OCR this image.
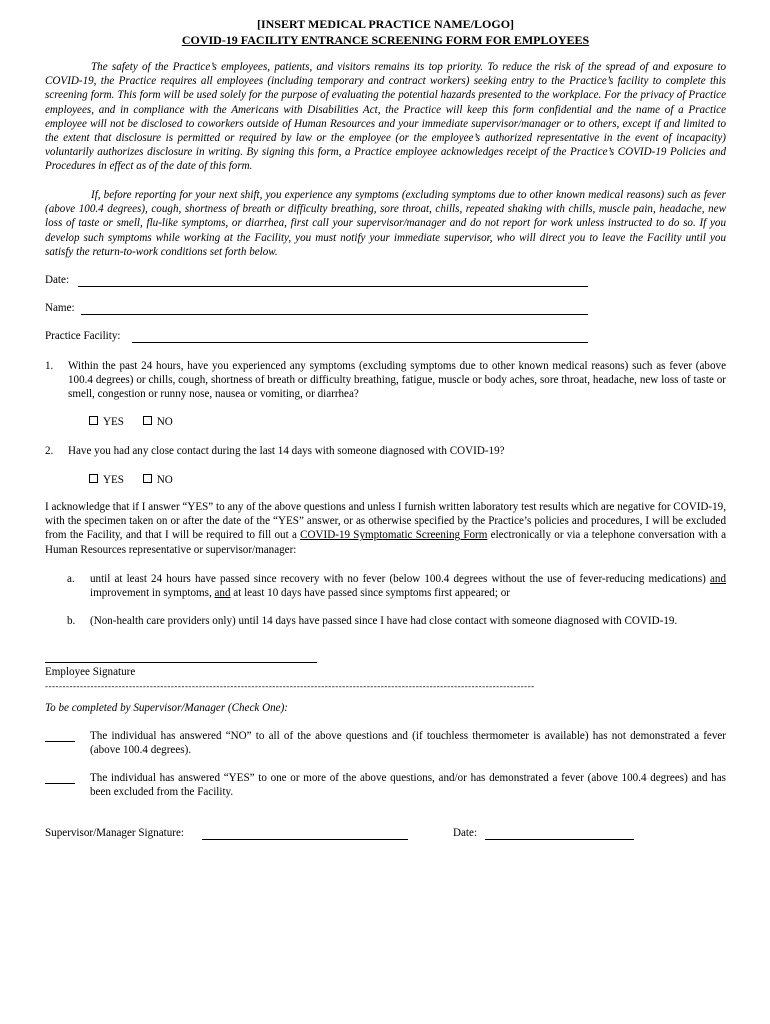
[INSERT MEDICAL PRACTICE NAME/LOGO]
COVID-19 FACILITY ENTRANCE SCREENING FORM FOR EMPLOYEES
The safety of the Practice’s employees, patients, and visitors remains its top priority. To reduce the risk of the spread of and exposure to COVID-19, the Practice requires all employees (including temporary and contract workers) seeking entry to the Practice’s facility to complete this screening form. This form will be used solely for the purpose of evaluating the potential hazards presented to the workplace. For the privacy of Practice employees, and in compliance with the Americans with Disabilities Act, the Practice will keep this form confidential and the name of a Practice employee will not be disclosed to coworkers outside of Human Resources and your immediate supervisor/manager or to others, except if and limited to the extent that disclosure is permitted or required by law or the employee (or the employee’s authorized representative in the event of incapacity) voluntarily authorizes disclosure in writing. By signing this form, a Practice employee acknowledges receipt of the Practice’s COVID-19 Policies and Procedures in effect as of the date of this form.
If, before reporting for your next shift, you experience any symptoms (excluding symptoms due to other known medical reasons) such as fever (above 100.4 degrees), cough, shortness of breath or difficulty breathing, sore throat, chills, repeated shaking with chills, muscle pain, headache, new loss of taste or smell, flu-like symptoms, or diarrhea, first call your supervisor/manager and do not report for work unless instructed to do so. If you develop such symptoms while working at the Facility, you must notify your immediate supervisor, who will direct you to leave the Facility until you satisfy the return-to-work conditions set forth below.
Date:
Name:
Practice Facility:
1. Within the past 24 hours, have you experienced any symptoms (excluding symptoms due to other known medical reasons) such as fever (above 100.4 degrees) or chills, cough, shortness of breath or difficulty breathing, fatigue, muscle or body aches, sore throat, headache, new loss of taste or smell, congestion or runny nose, nausea or vomiting, or diarrhea?
YES	NO
2. Have you had any close contact during the last 14 days with someone diagnosed with COVID-19?
YES	NO
I acknowledge that if I answer “YES” to any of the above questions and unless I furnish written laboratory test results which are negative for COVID-19, with the specimen taken on or after the date of the “YES” answer, or as otherwise specified by the Practice’s policies and procedures, I will be excluded from the Facility, and that I will be required to fill out a COVID-19 Symptomatic Screening Form electronically or via a telephone conversation with a Human Resources representative or supervisor/manager:
a. until at least 24 hours have passed since recovery with no fever (below 100.4 degrees without the use of fever-reducing medications) and improvement in symptoms, and at least 10 days have passed since symptoms first appeared; or
b. (Non-health care providers only) until 14 days have passed since I have had close contact with someone diagnosed with COVID-19.
Employee Signature
--------------------------------------------------------------------------------------------------------------------------------------------
To be completed by Supervisor/Manager (Check One):
The individual has answered “NO” to all of the above questions and (if touchless thermometer is available) has not demonstrated a fever (above 100.4 degrees).
The individual has answered “YES” to one or more of the above questions, and/or has demonstrated a fever (above 100.4 degrees) and has been excluded from the Facility.
Supervisor/Manager Signature:	Date:
